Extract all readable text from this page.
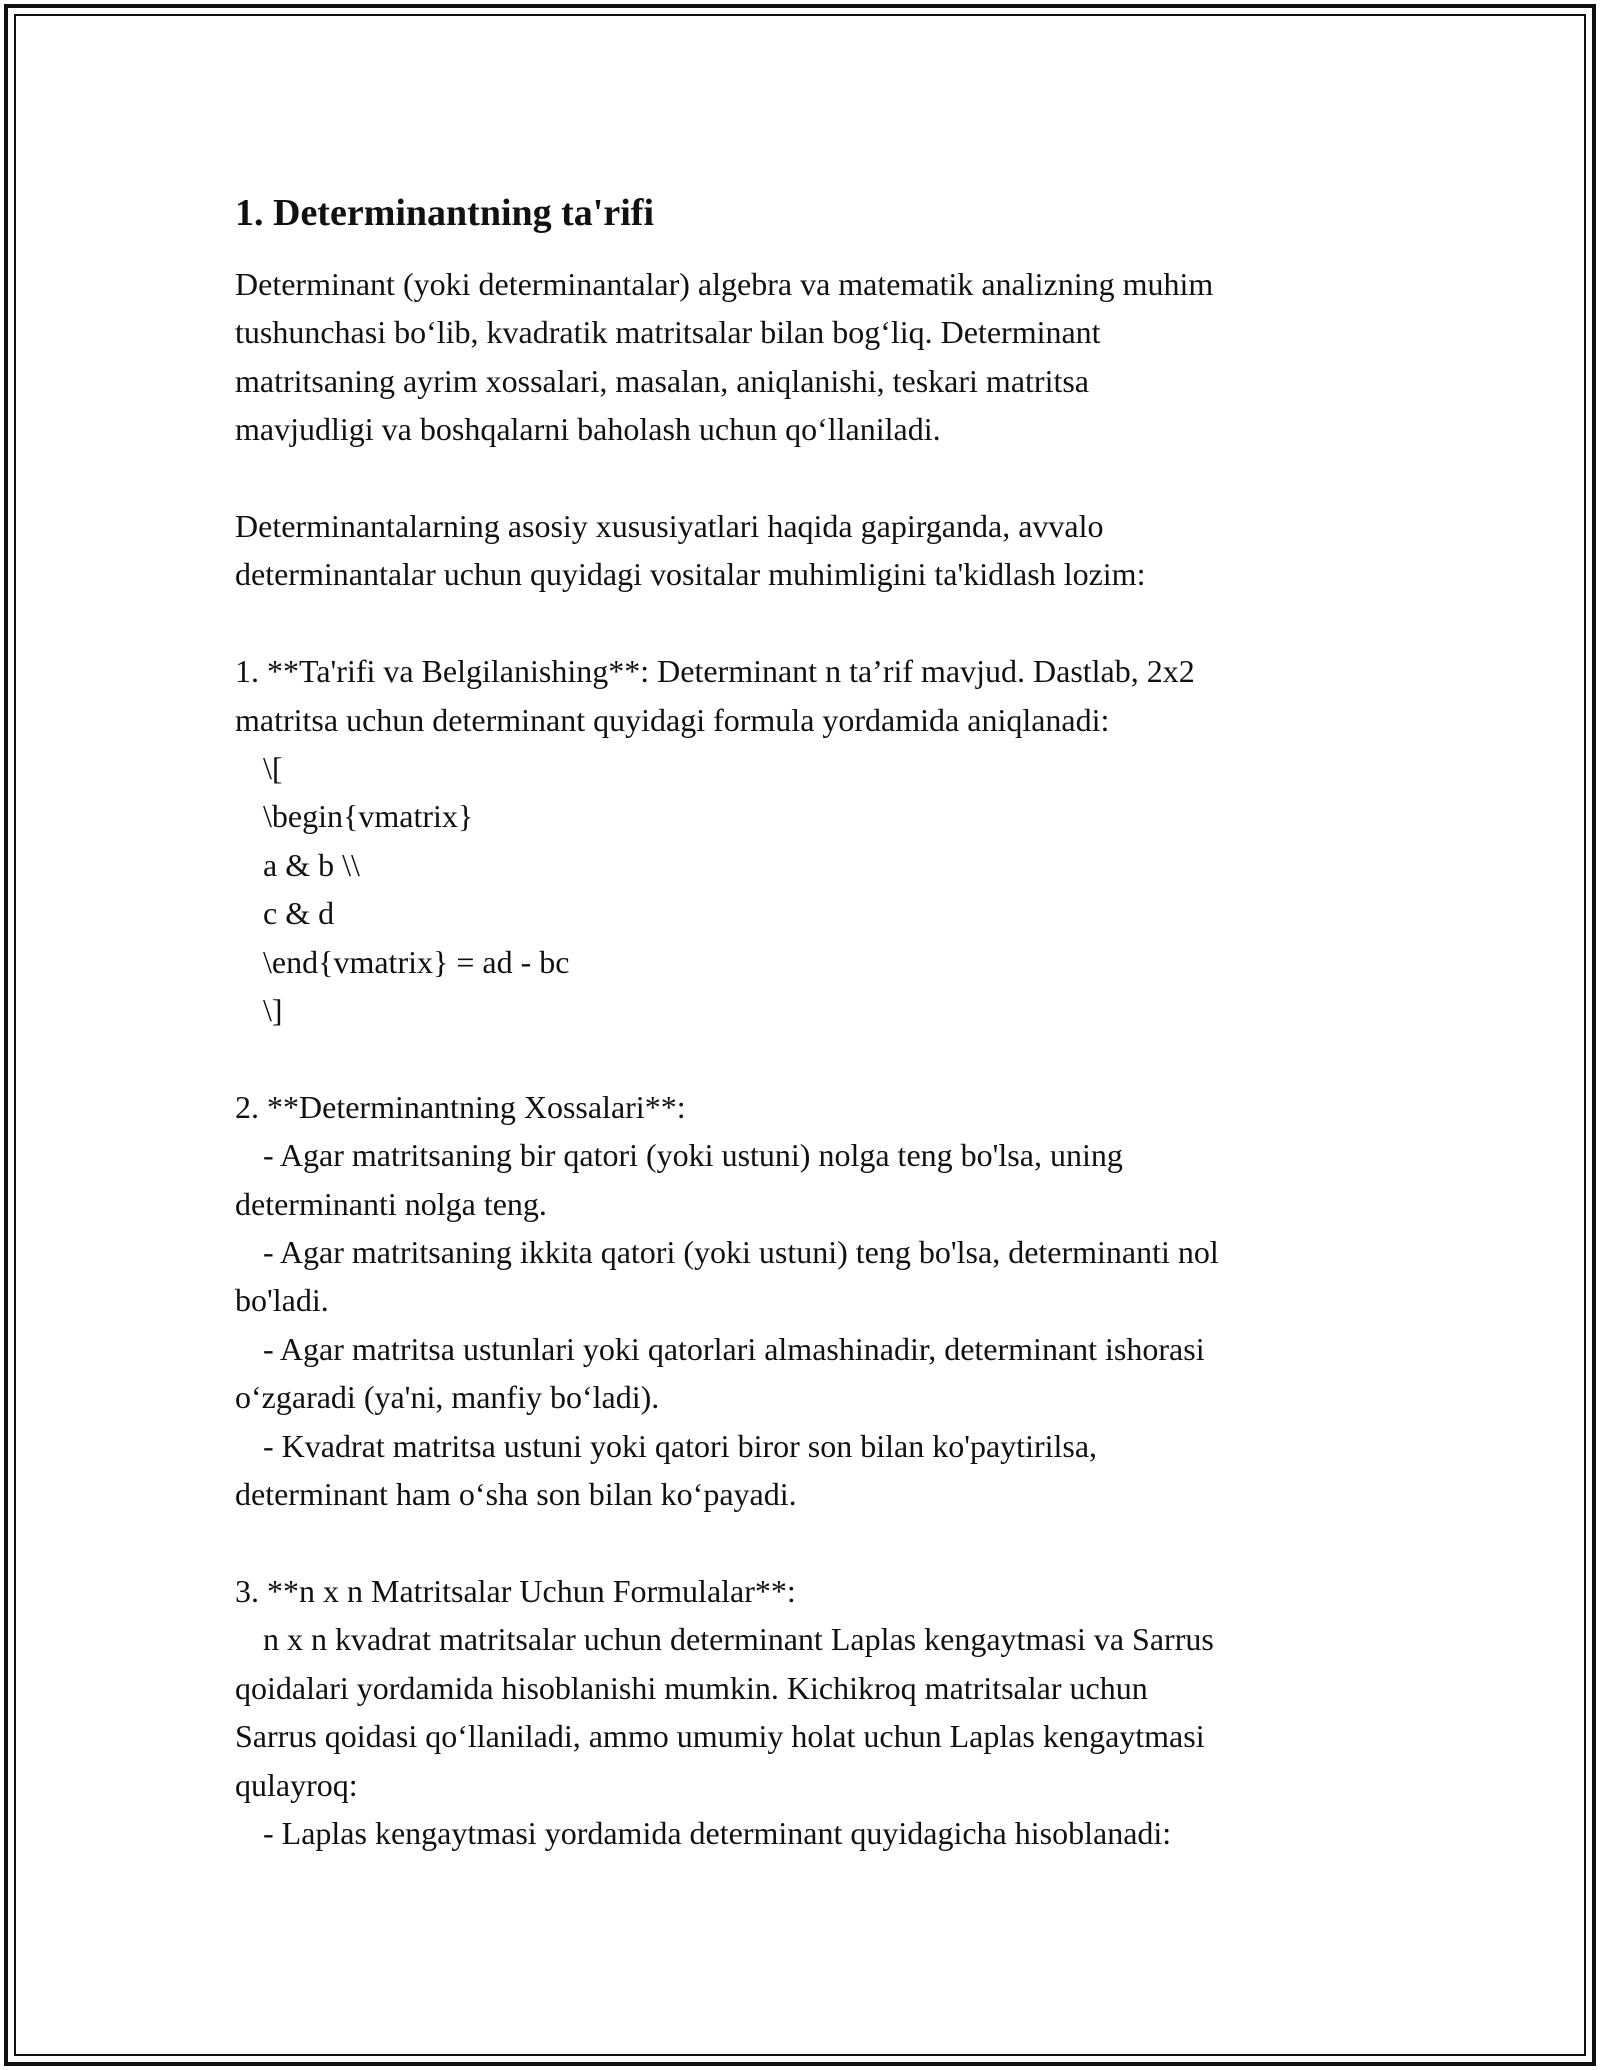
1. Determinantning ta'rifi

Determinant (yoki determinantalar) algebra va matematik analizning muhim

tushunchasi bo‘lib, kvadratik matritsalar bilan bog‘liq. Determinant

matritsaning ayrim xossalari, masalan, aniqlanishi, teskari matritsa

mavjudligi va boshqalarni baholash uchun qo‘llaniladi.

Determinantalarning asosiy xususiyatlari haqida gapirganda, avvalo

determinantalar uchun quyidagi vositalar muhimligini ta'kidlash lozim:

1. **Ta'rifi va Belgilanishing**: Determinant n ta’rif mavjud. Dastlab, 2x2

matritsa uchun determinant quyidagi formula yordamida aniqlanadi:

\[

\begin{vmatrix}

a & b \\

c & d

\end{vmatrix} = ad - bc

\]

2. **Determinantning Xossalari**:

- Agar matritsaning bir qatori (yoki ustuni) nolga teng bo'lsa, uning

determinanti nolga teng.

- Agar matritsaning ikkita qatori (yoki ustuni) teng bo'lsa, determinanti nol

bo'ladi.

- Agar matritsa ustunlari yoki qatorlari almashinadir, determinant ishorasi

o‘zgaradi (ya'ni, manfiy bo‘ladi).

- Kvadrat matritsa ustuni yoki qatori biror son bilan ko'paytirilsa,

determinant ham o‘sha son bilan ko‘payadi.

3. **n x n Matritsalar Uchun Formulalar**:

n x n kvadrat matritsalar uchun determinant Laplas kengaytmasi va Sarrus

qoidalari yordamida hisoblanishi mumkin. Kichikroq matritsalar uchun

Sarrus qoidasi qo‘llaniladi, ammo umumiy holat uchun Laplas kengaytmasi

qulayroq:

- Laplas kengaytmasi yordamida determinant quyidagicha hisoblanadi:
